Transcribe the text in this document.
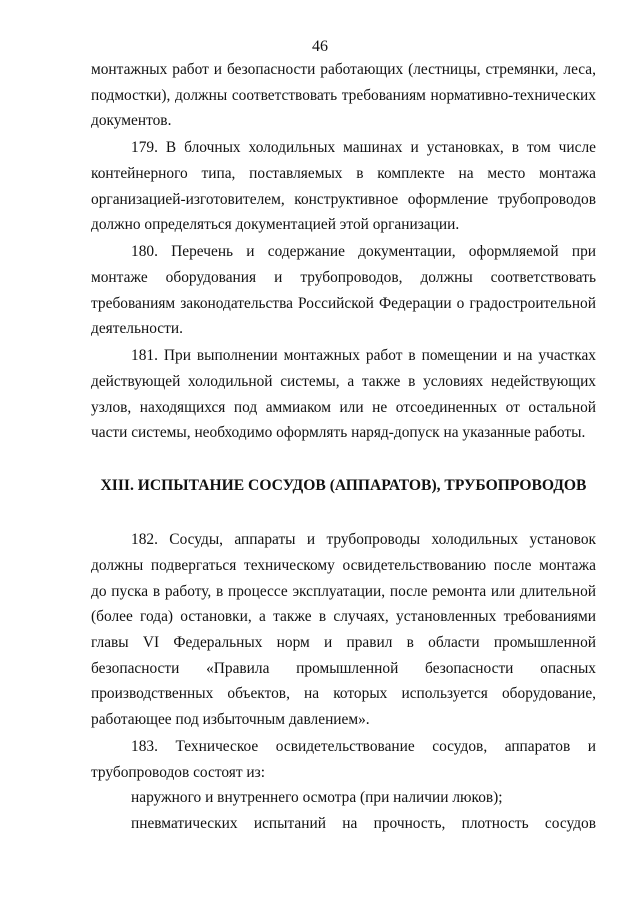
46

монтажных работ и безопасности работающих (лестницы, стремянки, леса, подмостки), должны соответствовать требованиям нормативно-технических документов.

179. В блочных холодильных машинах и установках, в том числе контейнерного типа, поставляемых в комплекте на место монтажа организацией-изготовителем, конструктивное оформление трубопроводов должно определяться документацией этой организации.

180. Перечень и содержание документации, оформляемой при монтаже оборудования и трубопроводов, должны соответствовать требованиям законодательства Российской Федерации о градостроительной деятельности.

181. При выполнении монтажных работ в помещении и на участках действующей холодильной системы, а также в условиях недействующих узлов, находящихся под аммиаком или не отсоединенных от остальной части системы, необходимо оформлять наряд-допуск на указанные работы.

XIII. ИСПЫТАНИЕ СОСУДОВ (АППАРАТОВ), ТРУБОПРОВОДОВ

182. Сосуды, аппараты и трубопроводы холодильных установок должны подвергаться техническому освидетельствованию после монтажа до пуска в работу, в процессе эксплуатации, после ремонта или длительной (более года) остановки, а также в случаях, установленных требованиями главы VI Федеральных норм и правил в области промышленной безопасности «Правила промышленной безопасности опасных производственных объектов, на которых используется оборудование, работающее под избыточным давлением».

183. Техническое освидетельствование сосудов, аппаратов и трубопроводов состоят из:

наружного и внутреннего осмотра (при наличии люков);

пневматических испытаний на прочность, плотность сосудов
